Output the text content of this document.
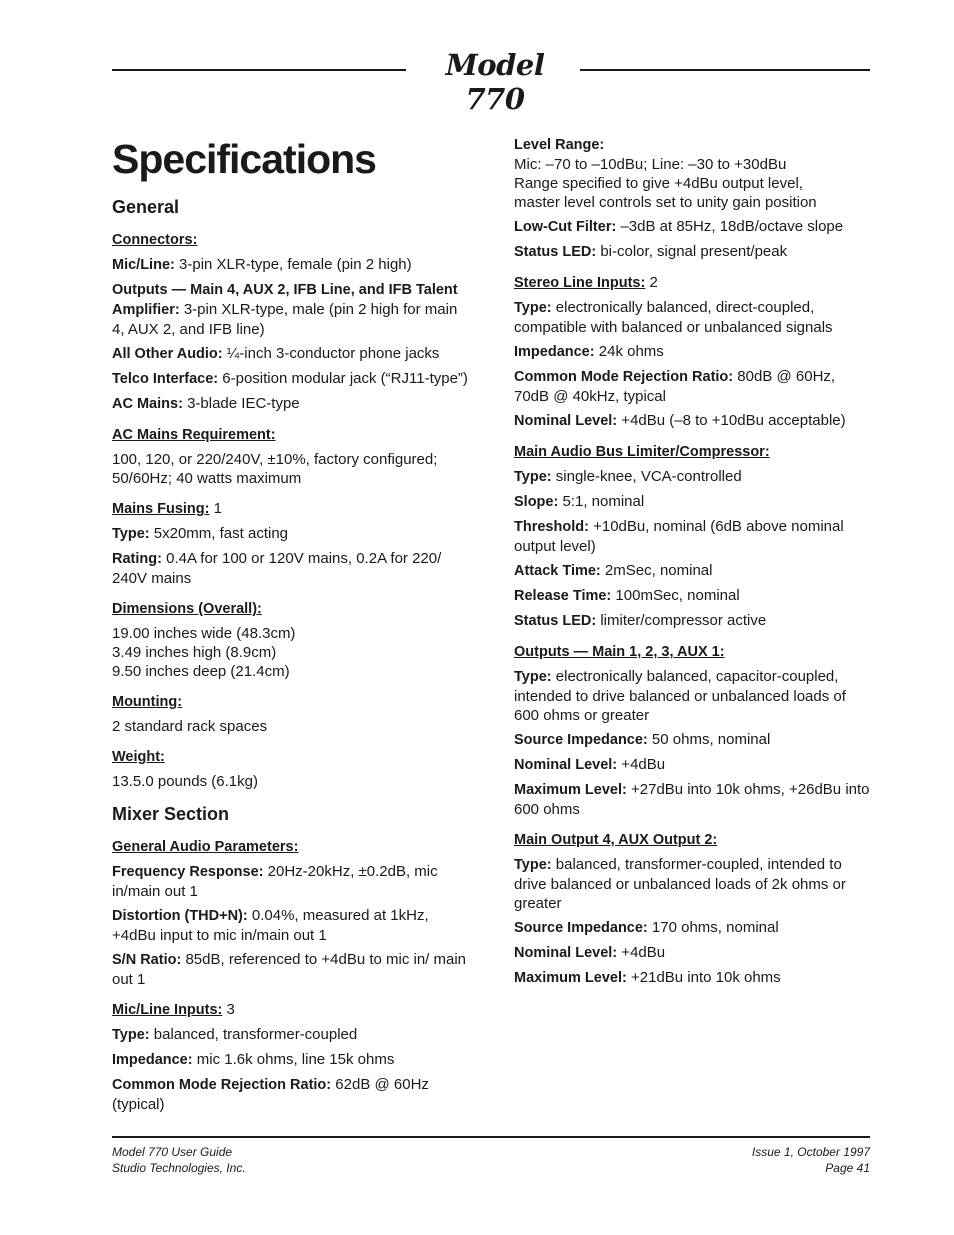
Model 770
Specifications
General
Connectors:
Mic/Line: 3-pin XLR-type, female (pin 2 high)
Outputs — Main 4, AUX 2, IFB Line, and IFB Talent Amplifier: 3-pin XLR-type, male (pin 2 high for main 4, AUX 2, and IFB line)
All Other Audio: ¼-inch 3-conductor phone jacks
Telco Interface: 6-position modular jack (“RJ11-type”)
AC Mains: 3-blade IEC-type
AC Mains Requirement:
100, 120, or 220/240V, ±10%, factory configured; 50/60Hz; 40 watts maximum
Mains Fusing: 1
Type: 5x20mm, fast acting
Rating: 0.4A for 100 or 120V mains, 0.2A for 220/ 240V mains
Dimensions (Overall):
19.00 inches wide (48.3cm)
3.49 inches high (8.9cm)
9.50 inches deep (21.4cm)
Mounting:
2 standard rack spaces
Weight:
13.5.0 pounds (6.1kg)
Mixer Section
General Audio Parameters:
Frequency Response: 20Hz-20kHz, ±0.2dB, mic in/main out 1
Distortion (THD+N): 0.04%, measured at 1kHz, +4dBu input to mic in/main out 1
S/N Ratio: 85dB, referenced to +4dBu to mic in/ main out 1
Mic/Line Inputs: 3
Type: balanced, transformer-coupled
Impedance: mic 1.6k ohms, line 15k ohms
Common Mode Rejection Ratio: 62dB @ 60Hz (typical)
Level Range:
Mic: –70 to –10dBu; Line: –30 to +30dBu
Range specified to give +4dBu output level,
master level controls set to unity gain position
Low-Cut Filter: –3dB at 85Hz, 18dB/octave slope
Status LED: bi-color, signal present/peak
Stereo Line Inputs: 2
Type: electronically balanced, direct-coupled, compatible with balanced or unbalanced signals
Impedance: 24k ohms
Common Mode Rejection Ratio: 80dB @ 60Hz, 70dB @ 40kHz, typical
Nominal Level: +4dBu (–8 to +10dBu acceptable)
Main Audio Bus Limiter/Compressor:
Type: single-knee, VCA-controlled
Slope: 5:1, nominal
Threshold: +10dBu, nominal (6dB above nominal output level)
Attack Time: 2mSec, nominal
Release Time: 100mSec, nominal
Status LED: limiter/compressor active
Outputs — Main 1, 2, 3, AUX 1:
Type: electronically balanced, capacitor-coupled, intended to drive balanced or unbalanced loads of 600 ohms or greater
Source Impedance: 50 ohms, nominal
Nominal Level: +4dBu
Maximum Level: +27dBu into 10k ohms, +26dBu into 600 ohms
Main Output 4, AUX Output 2:
Type: balanced, transformer-coupled, intended to drive balanced or unbalanced loads of 2k ohms or greater
Source Impedance: 170 ohms, nominal
Nominal Level: +4dBu
Maximum Level: +21dBu into 10k ohms
Model 770 User Guide
Studio Technologies, Inc.
Issue 1, October 1997
Page 41
